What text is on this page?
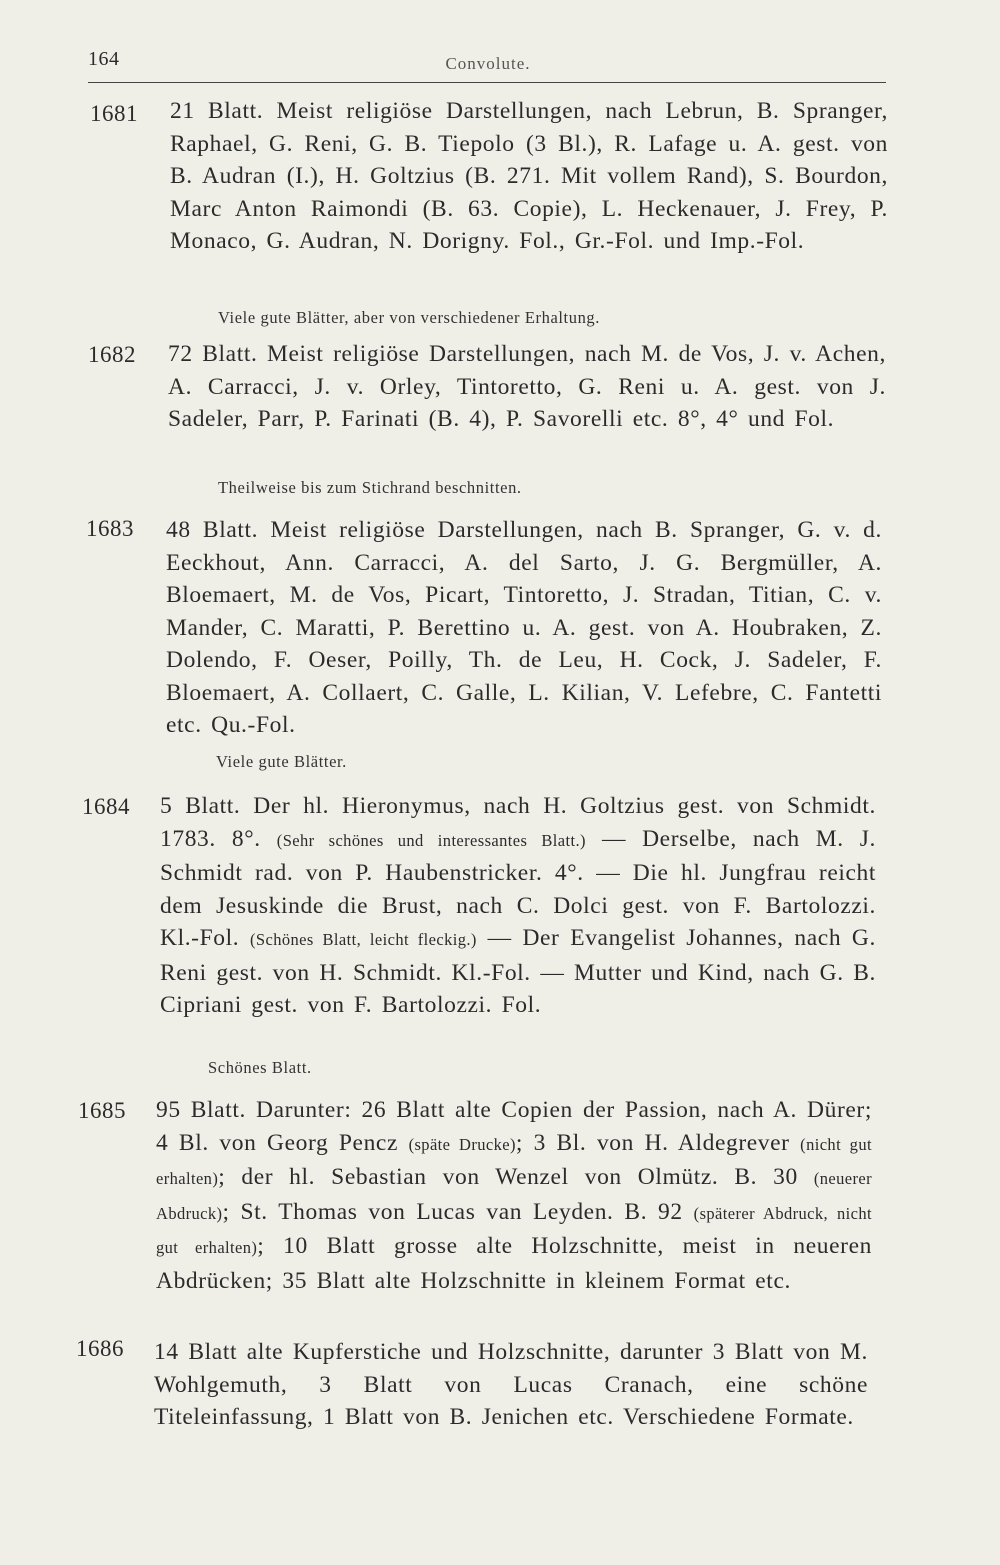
164	Convolute.
1681 21 Blatt. Meist religiöse Darstellungen, nach Lebrun, B. Spranger, Raphael, G. Reni, G. B. Tiepolo (3 Bl.), R. Lafage u. A. gest. von B. Audran (I.), H. Goltzius (B. 271. Mit vollem Rand), S. Bourdon, Marc Anton Raimondi (B. 63. Copie), L. Heckenauer, J. Frey, P. Monaco, G. Audran, N. Dorigny. Fol., Gr.-Fol. und Imp.-Fol.

Viele gute Blätter, aber von verschiedener Erhaltung.
1682 72 Blatt. Meist religiöse Darstellungen, nach M. de Vos, J. v. Achen, A. Carracci, J. v. Orley, Tintoretto, G. Reni u. A. gest. von J. Sadeler, Parr, P. Farinati (B. 4), P. Savorelli etc. 8°, 4° und Fol.

Theilweise bis zum Stichrand beschnitten.
1683 48 Blatt. Meist religiöse Darstellungen, nach B. Spranger, G. v. d. Eeckhout, Ann. Carracci, A. del Sarto, J. G. Bergmüller, A. Bloemaert, M. de Vos, Picart, Tintoretto, J. Stradan, Titian, C. v. Mander, C. Maratti, P. Berettino u. A. gest. von A. Houbraken, Z. Dolendo, F. Oeser, Poilly, Th. de Leu, H. Cock, J. Sadeler, F. Bloemaert, A. Collaert, C. Galle, L. Kilian, V. Lefebre, C. Fantetti etc. Qu.-Fol.

Viele gute Blätter.
1684 5 Blatt. Der hl. Hieronymus, nach H. Goltzius gest. von Schmidt. 1783. 8°. (Sehr schönes und interessantes Blatt.) — Derselbe, nach M. J. Schmidt rad. von P. Haubenstricker. 4°. — Die hl. Jungfrau reicht dem Jesuskinde die Brust, nach C. Dolci gest. von F. Bartolozzi. Kl.-Fol. (Schönes Blatt, leicht fleckig.) — Der Evangelist Johannes, nach G. Reni gest. von H. Schmidt. Kl.-Fol. — Mutter und Kind, nach G. B. Cipriani gest. von F. Bartolozzi. Fol.

Schönes Blatt.
1685 95 Blatt. Darunter: 26 Blatt alte Copien der Passion, nach A. Dürer; 4 Bl. von Georg Pencz (späte Drucke); 3 Bl. von H. Aldegrever (nicht gut erhalten); der hl. Sebastian von Wenzel von Olmütz. B. 30 (neuerer Abdruck); St. Thomas von Lucas van Leyden. B. 92 (späterer Abdruck, nicht gut erhalten); 10 Blatt grosse alte Holzschnitte, meist in neueren Abdrücken; 35 Blatt alte Holzschnitte in kleinem Format etc.

1686 14 Blatt alte Kupferstiche und Holzschnitte, darunter 3 Blatt von M. Wohlgemuth, 3 Blatt von Lucas Cranach, eine schöne Titeleinfassung, 1 Blatt von B. Jenichen etc. Verschiedene Formate.
